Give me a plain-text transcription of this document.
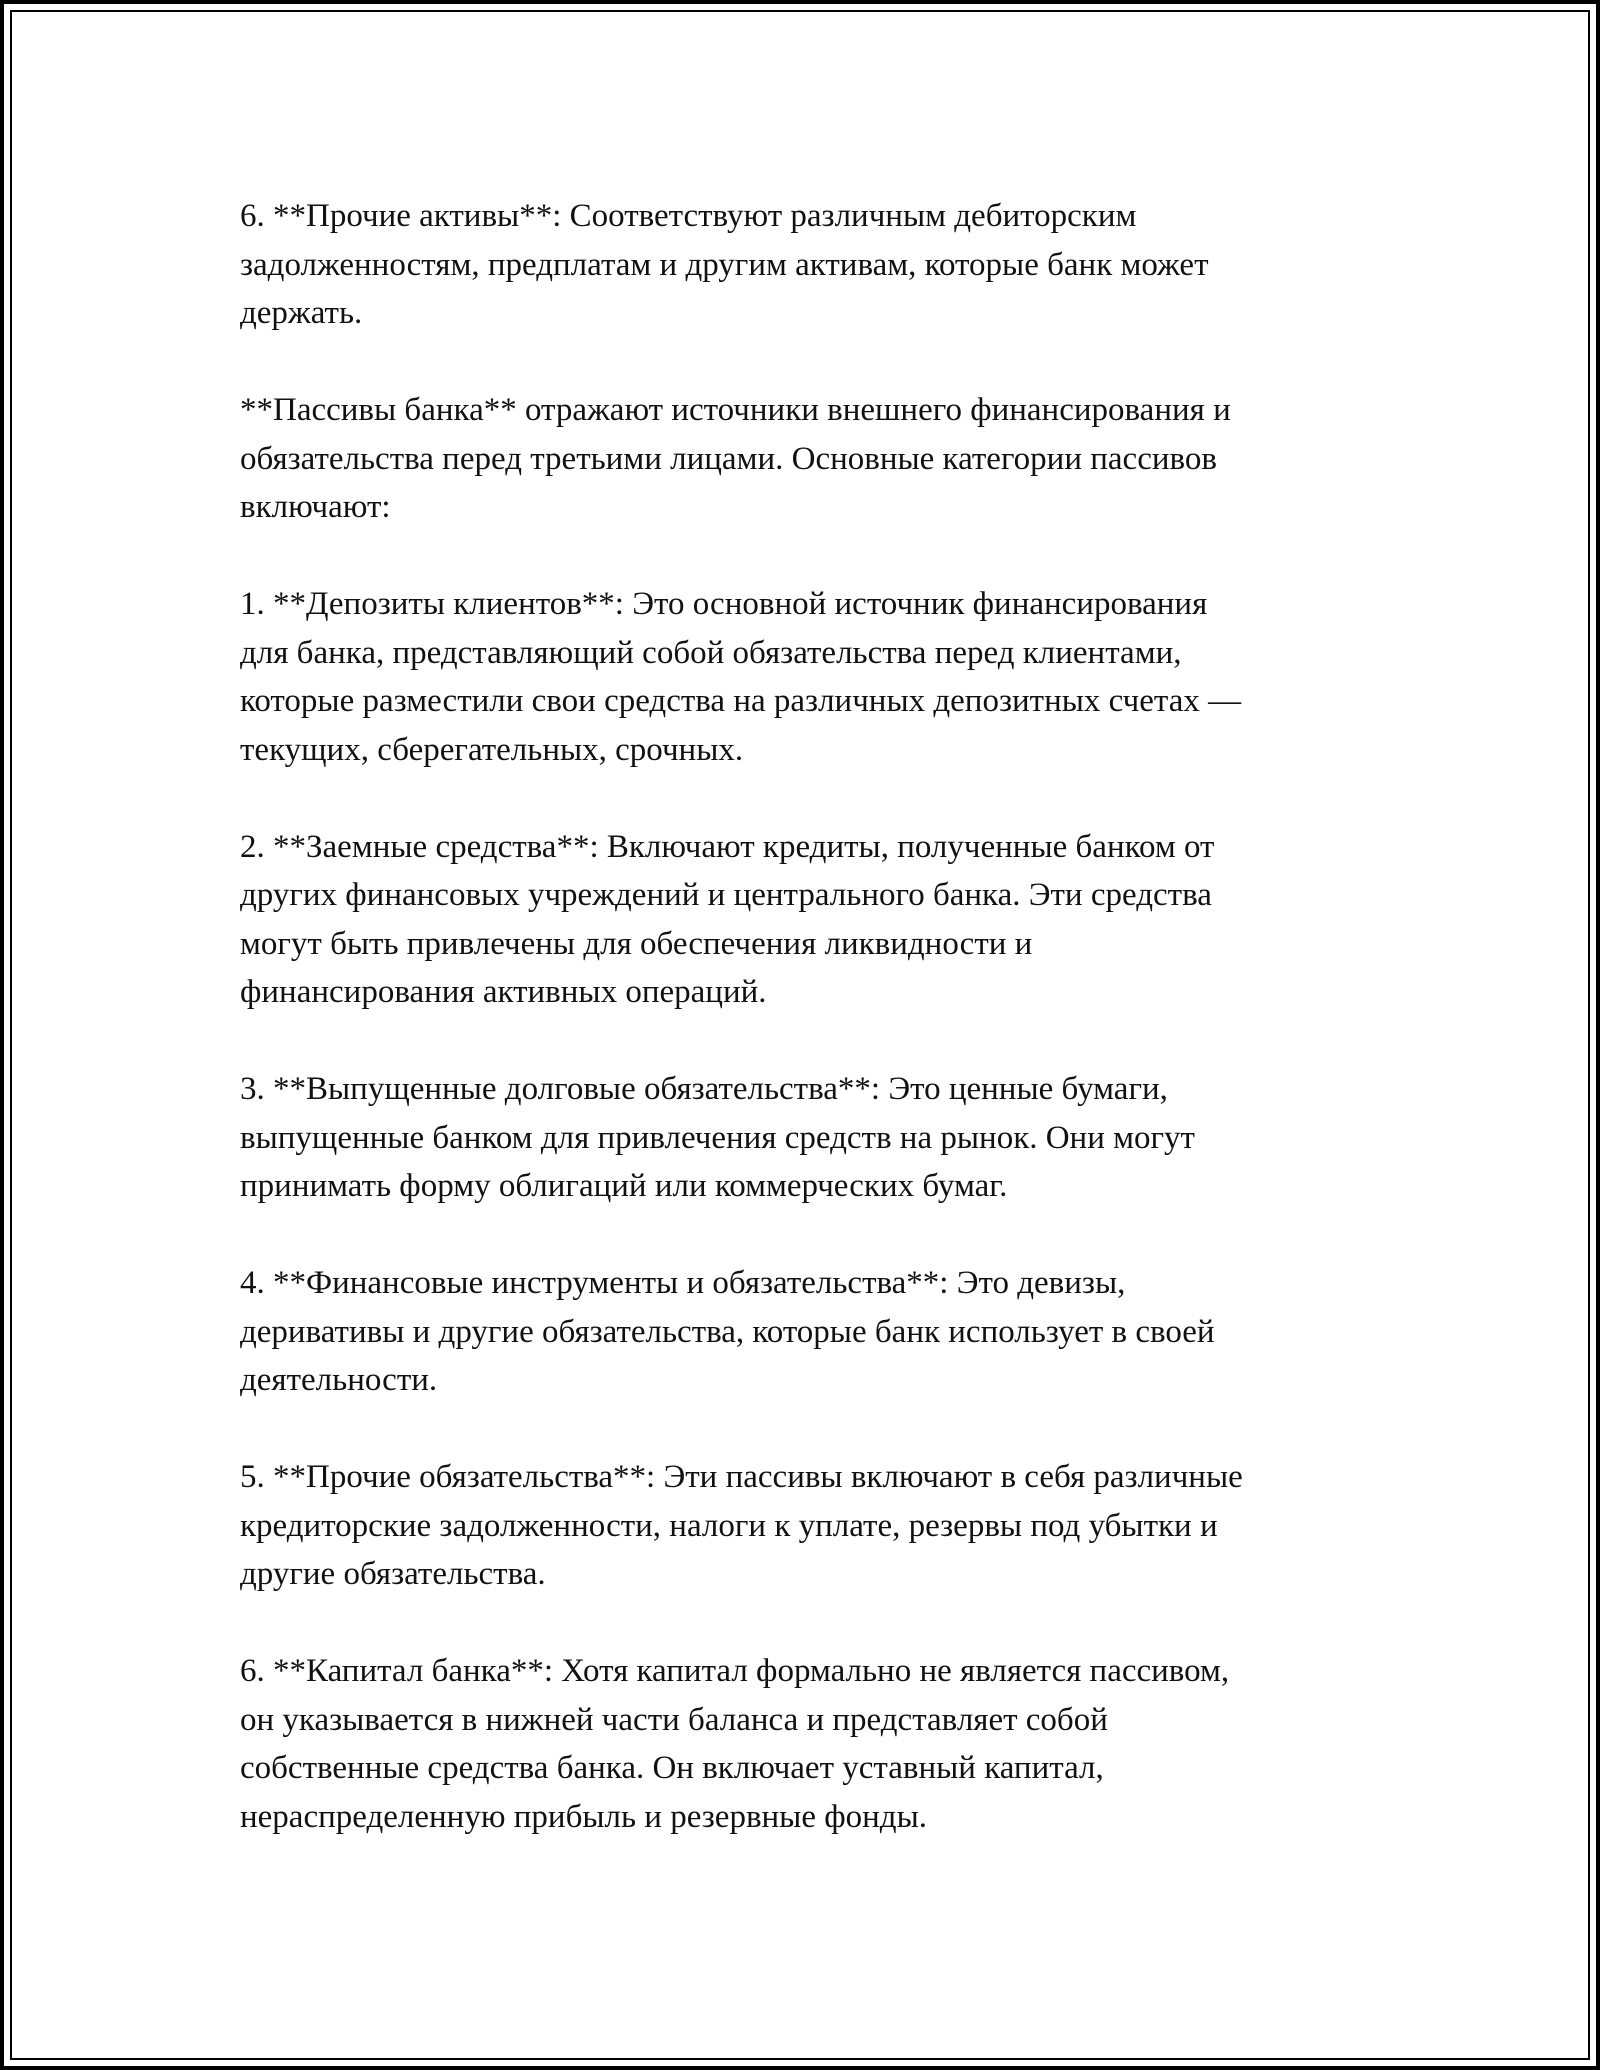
6. **Прочие активы**: Соответствуют различным дебиторским
задолженностям, предплатам и другим активам, которые банк может
держать.

**Пассивы банка** отражают источники внешнего финансирования и
обязательства перед третьими лицами. Основные категории пассивов
включают:

1. **Депозиты клиентов**: Это основной источник финансирования
для банка, представляющий собой обязательства перед клиентами,
которые разместили свои средства на различных депозитных счетах —
текущих, сберегательных, срочных.

2. **Заемные средства**: Включают кредиты, полученные банком от
других финансовых учреждений и центрального банка. Эти средства
могут быть привлечены для обеспечения ликвидности и
финансирования активных операций.

3. **Выпущенные долговые обязательства**: Это ценные бумаги,
выпущенные банком для привлечения средств на рынок. Они могут
принимать форму облигаций или коммерческих бумаг.

4. **Финансовые инструменты и обязательства**: Это девизы,
деривативы и другие обязательства, которые банк использует в своей
деятельности.

5. **Прочие обязательства**: Эти пассивы включают в себя различные
кредиторские задолженности, налоги к уплате, резервы под убытки и
другие обязательства.

6. **Капитал банка**: Хотя капитал формально не является пассивом,
он указывается в нижней части баланса и представляет собой
собственные средства банка. Он включает уставный капитал,
нераспределенную прибыль и резервные фонды.
